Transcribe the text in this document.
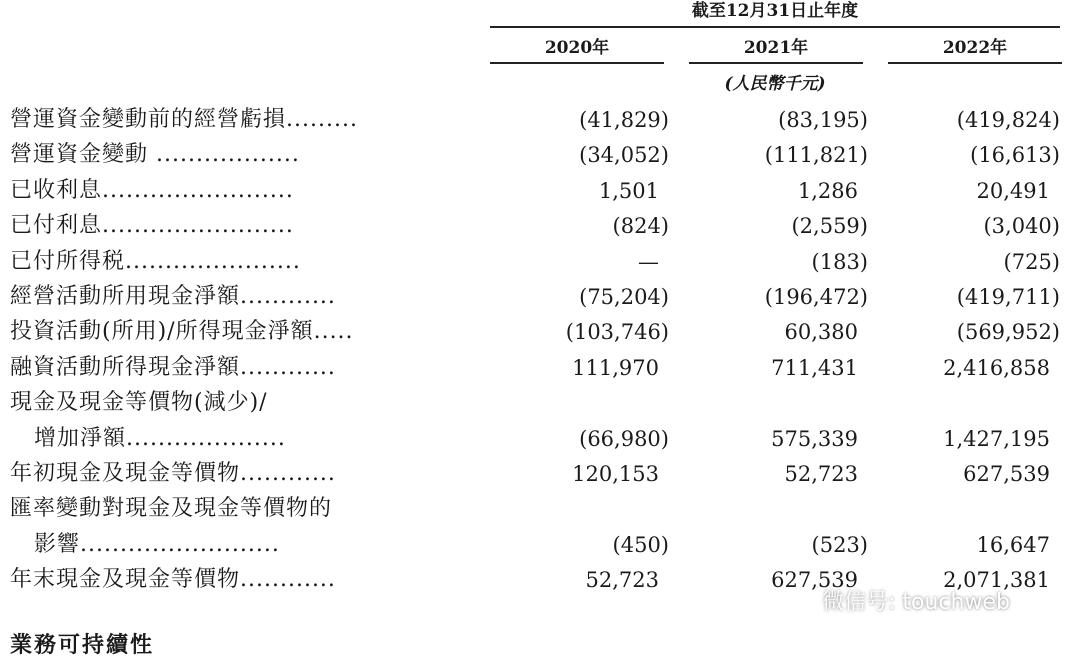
截至12月31日止年度
2020年	2021年	2022年
(人民幣千元)
營運資金變動前的經營虧損.........	(41,829)	(83,195)	(419,824)
營運資金變動 ..................	(34,052)	(111,821)	(16,613)
已收利息........................	1,501	1,286	20,491
已付利息........................	(824)	(2,559)	(3,040)
已付所得税......................	—	(183)	(725)
經營活動所用現金淨額............	(75,204)	(196,472)	(419,711)
投資活動(所用)/所得現金淨額.....	(103,746)	60,380	(569,952)
融資活動所得現金淨額............	111,970	711,431	2,416,858
現金及現金等價物(減少)/
增加淨額....................	(66,980)	575,339	1,427,195
年初現金及現金等價物............	120,153	52,723	627,539
匯率變動對現金及現金等價物的
影響.........................	(450)	(523)	16,647
年末現金及現金等價物............	52,723	627,539	2,071,381
微信号: touchweb
業務可持續性
